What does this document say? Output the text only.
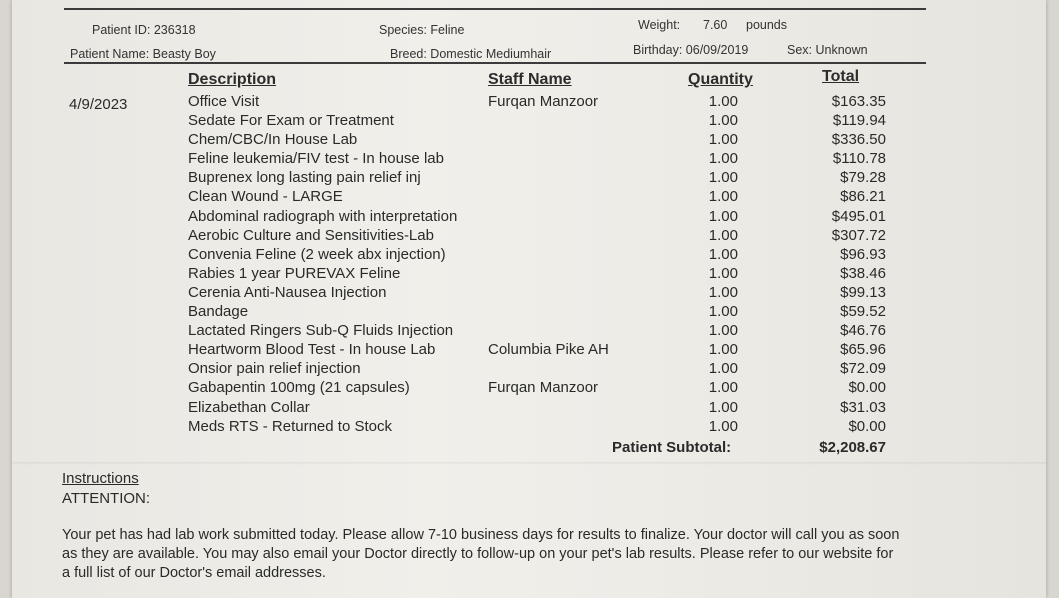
Patient ID: 236318	Species: Feline	Weight: 7.60 pounds
Patient Name: Beasty Boy	Breed: Domestic Mediumhair	Birthday: 06/09/2019	Sex: Unknown
Description	Staff Name	Quantity	Total
4/9/2023	Office Visit	Furqan Manzoor	1.00	$163.35
Sedate For Exam or Treatment	1.00	$119.94
Chem/CBC/In House Lab	1.00	$336.50
Feline leukemia/FIV test - In house lab	1.00	$110.78
Buprenex long lasting pain relief inj	1.00	$79.28
Clean Wound - LARGE	1.00	$86.21
Abdominal radiograph with interpretation	1.00	$495.01
Aerobic Culture and Sensitivities-Lab	1.00	$307.72
Convenia Feline (2 week abx injection)	1.00	$96.93
Rabies 1 year PUREVAX Feline	1.00	$38.46
Cerenia Anti-Nausea Injection	1.00	$99.13
Bandage	1.00	$59.52
Lactated Ringers Sub-Q Fluids Injection	1.00	$46.76
Heartworm Blood Test - In house Lab	Columbia Pike AH	1.00	$65.96
Onsior pain relief injection	1.00	$72.09
Gabapentin 100mg (21 capsules)	Furqan Manzoor	1.00	$0.00
Elizabethan Collar	1.00	$31.03
Meds RTS - Returned to Stock	1.00	$0.00
Patient Subtotal:	$2,208.67
Instructions
ATTENTION:
Your pet has had lab work submitted today. Please allow 7-10 business days for results to finalize. Your doctor will call you as soon as they are available. You may also email your Doctor directly to follow-up on your pet's lab results. Please refer to our website for a full list of our Doctor's email addresses.
